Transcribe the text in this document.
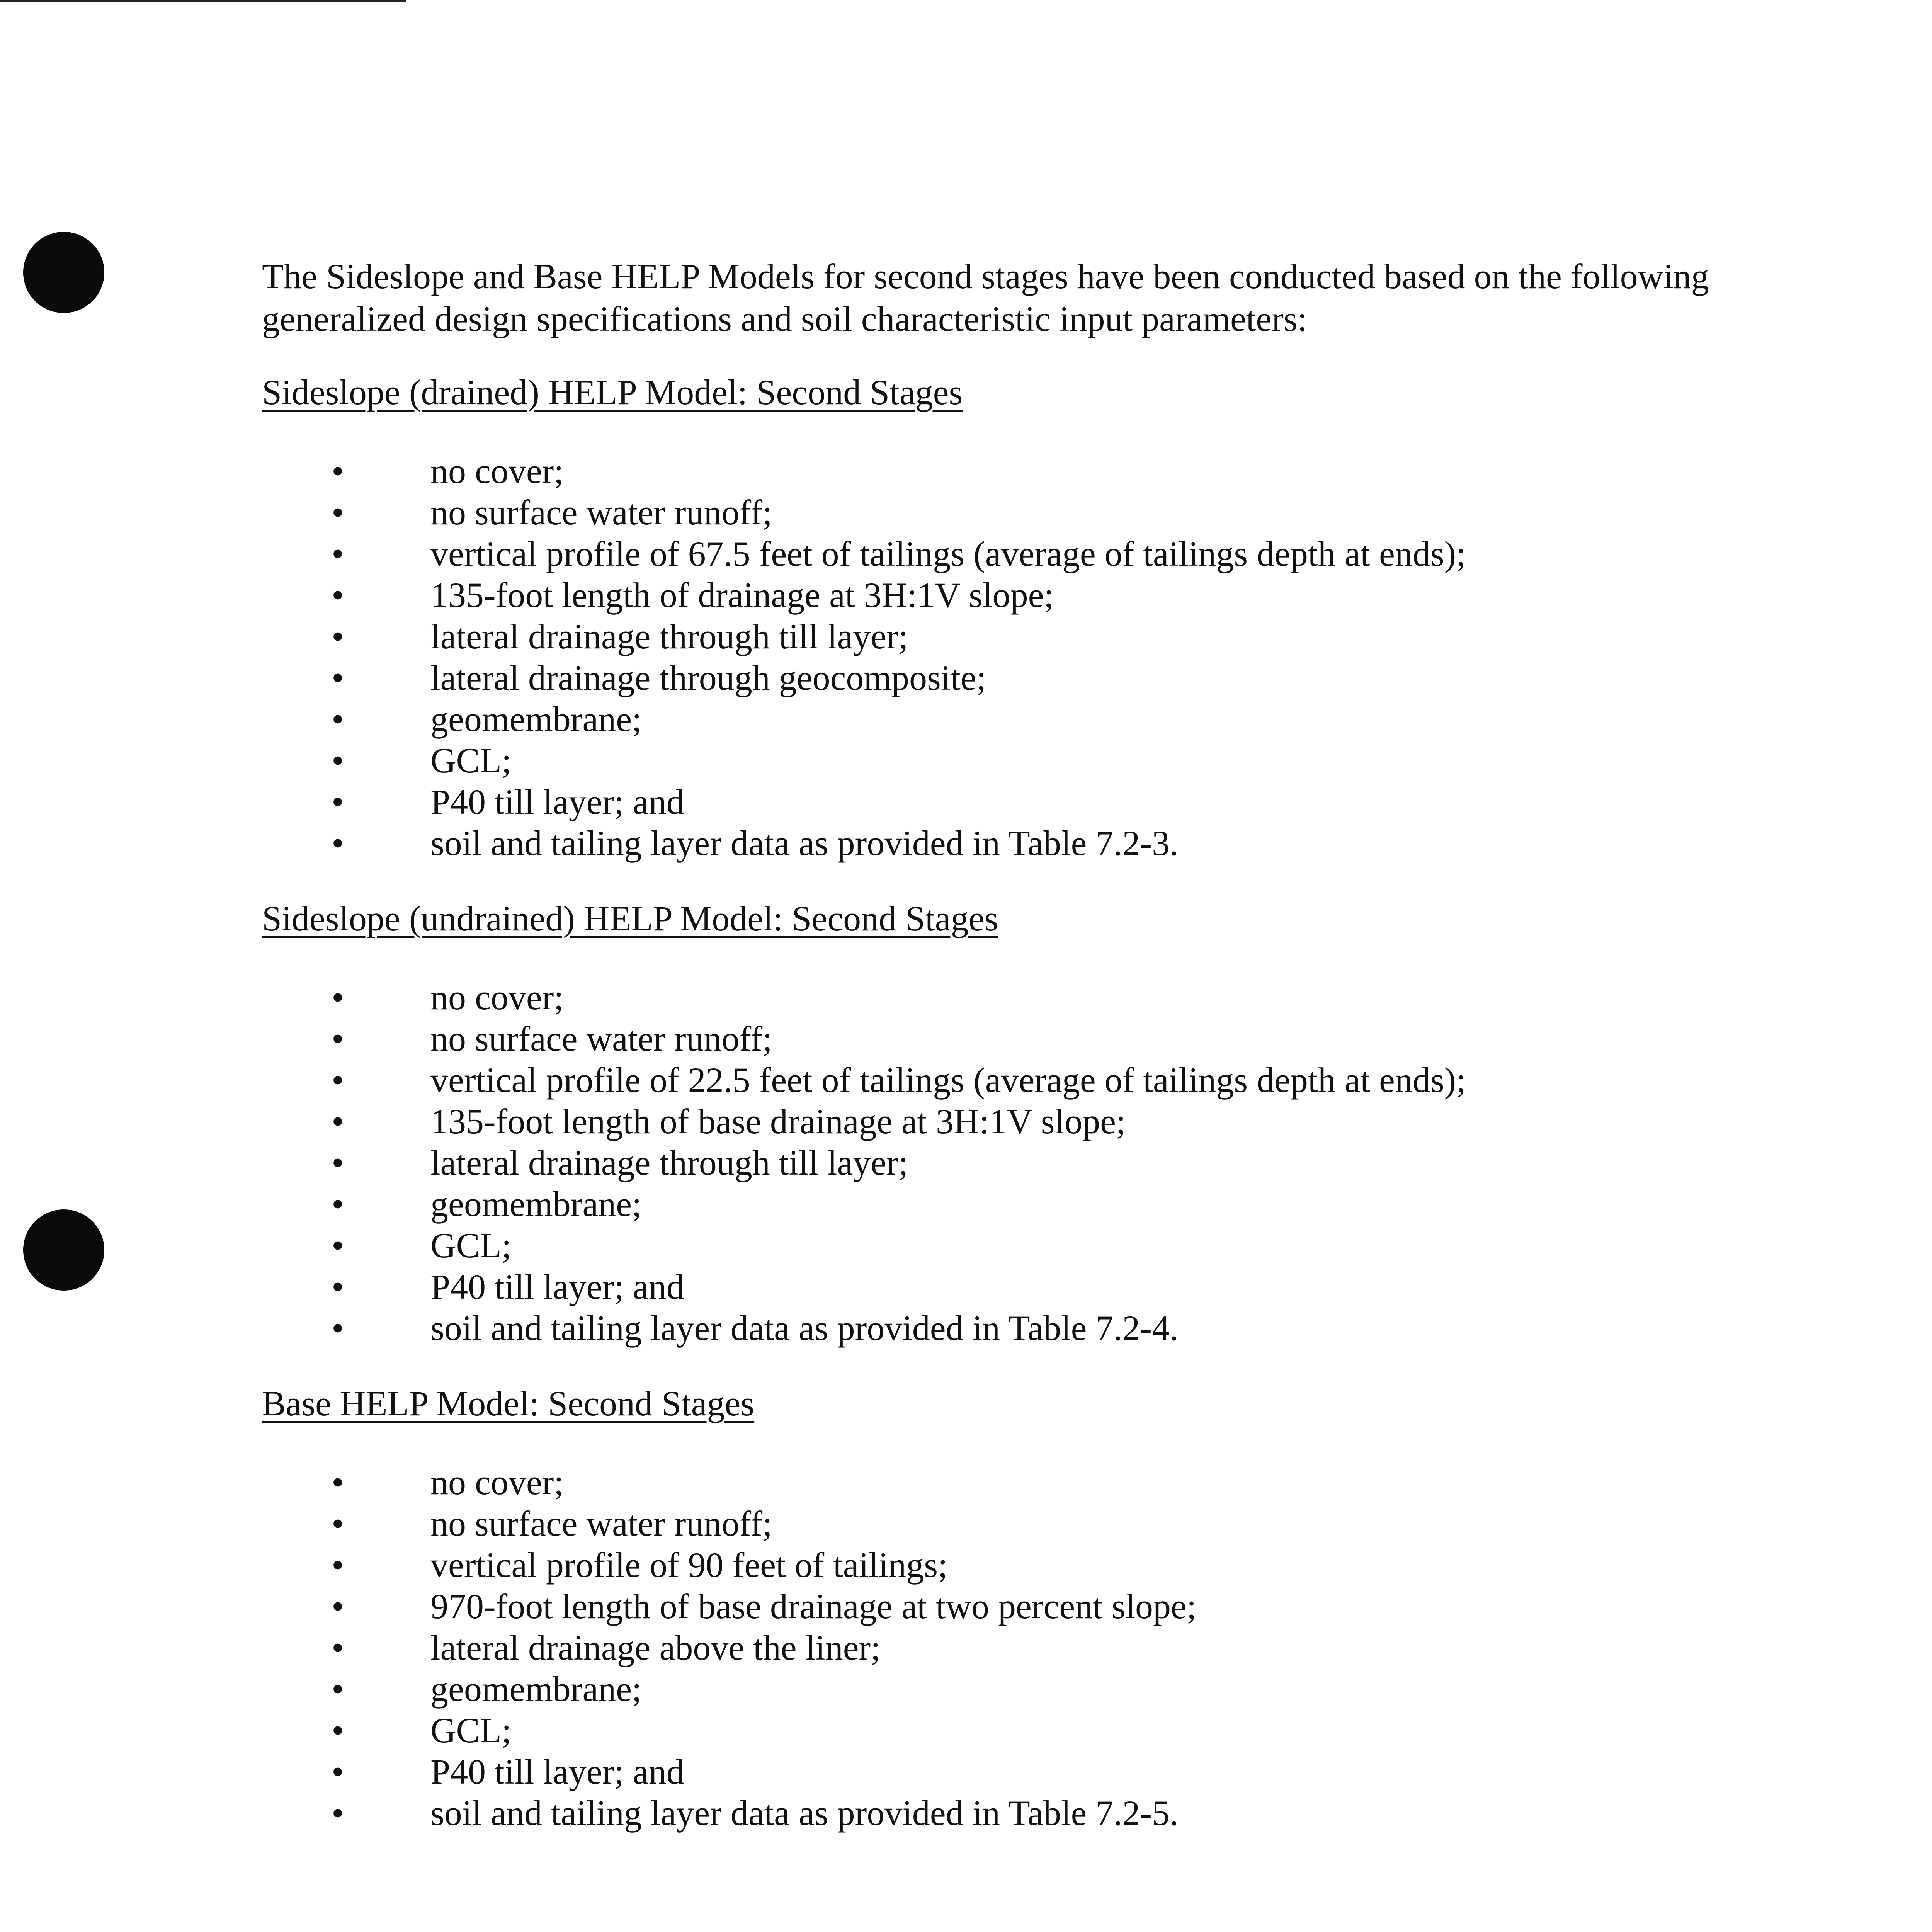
The Sideslope and Base HELP Models for second stages have been conducted based on the following generalized design specifications and soil characteristic input parameters:

Sideslope (drained) HELP Model: Second Stages
• no cover;
• no surface water runoff;
• vertical profile of 67.5 feet of tailings (average of tailings depth at ends);
• 135-foot length of drainage at 3H:1V slope;
• lateral drainage through till layer;
• lateral drainage through geocomposite;
• geomembrane;
• GCL;
• P40 till layer; and
• soil and tailing layer data as provided in Table 7.2-3.
Sideslope (undrained) HELP Model: Second Stages
• no cover;
• no surface water runoff;
• vertical profile of 22.5 feet of tailings (average of tailings depth at ends);
• 135-foot length of base drainage at 3H:1V slope;
• lateral drainage through till layer;
• geomembrane;
• GCL;
• P40 till layer; and
• soil and tailing layer data as provided in Table 7.2-4.
Base HELP Model: Second Stages
• no cover;
• no surface water runoff;
• vertical profile of 90 feet of tailings;
• 970-foot length of base drainage at two percent slope;
• lateral drainage above the liner;
• geomembrane;
• GCL;
• P40 till layer; and
• soil and tailing layer data as provided in Table 7.2-5.
